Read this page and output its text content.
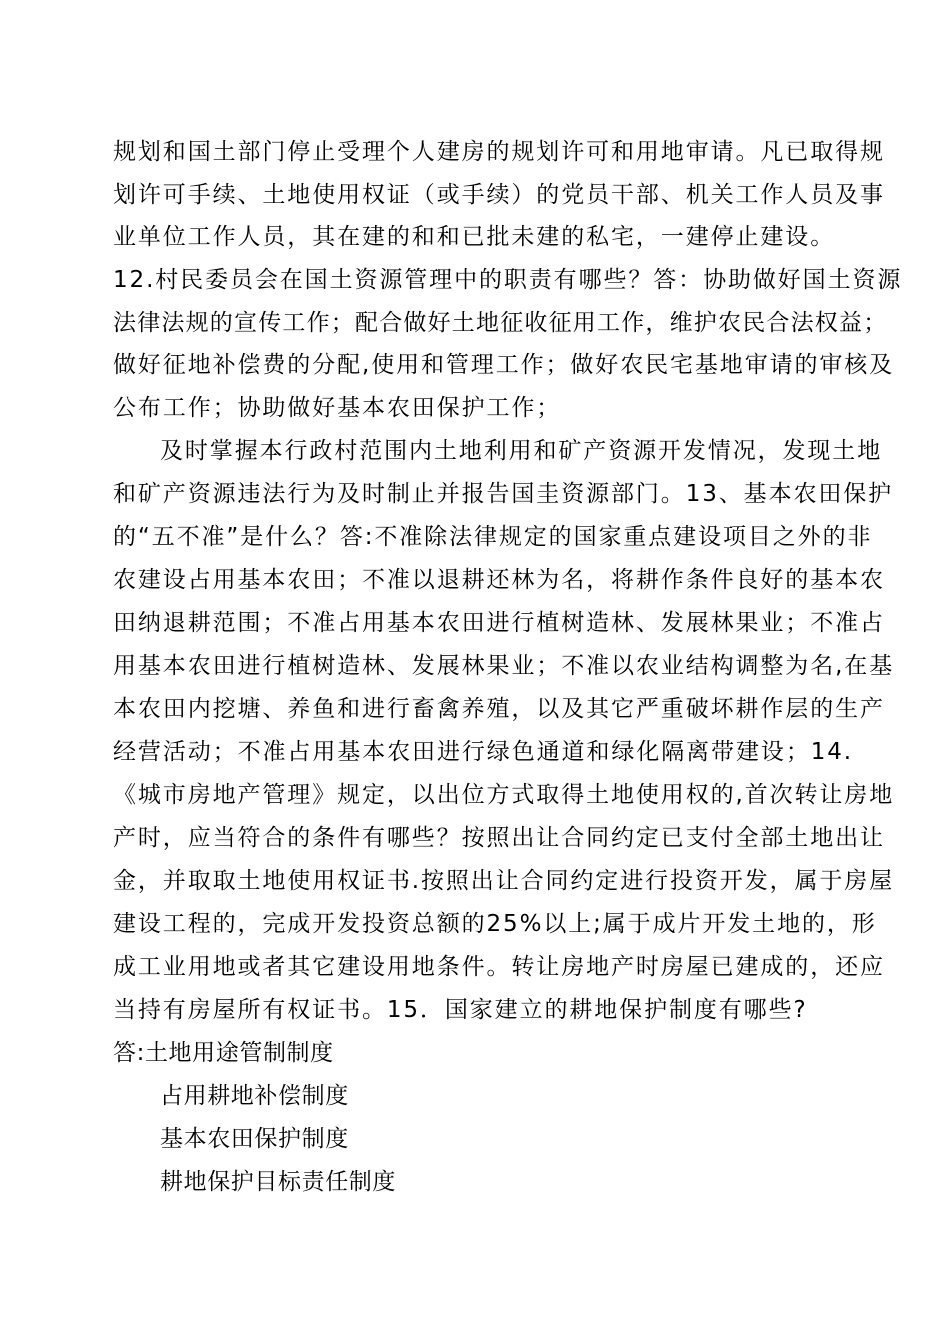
规划和国土部门停止受理个人建房的规划许可和用地审请。凡已取得规
划许可手续、土地使用权证（或手续）的党员干部、机关工作人员及事
业单位工作人员，其在建的和和已批未建的私宅，一建停止建设。
12.村民委员会在国土资源管理中的职责有哪些？答：协助做好国土资源
法律法规的宣传工作；配合做好土地征收征用工作，维护农民合法权益；
做好征地补偿费的分配,使用和管理工作；做好农民宅基地审请的审核及
公布工作；协助做好基本农田保护工作；
及时掌握本行政村范围内土地利用和矿产资源开发情况，发现土地
和矿产资源违法行为及时制止并报告国圭资源部门。13、基本农田保护
的“五不准”是什么？答:不准除法律规定的国家重点建设项目之外的非
农建设占用基本农田；不准以退耕还林为名，将耕作条件良好的基本农
田纳退耕范围；不准占用基本农田进行植树造林、发展林果业；不准占
用基本农田进行植树造林、发展林果业；不准以农业结构调整为名,在基
本农田内挖塘、养鱼和进行畜禽养殖，以及其它严重破坏耕作层的生产
经营活动；不准占用基本农田进行绿色通道和绿化隔离带建设；14.
《城市房地产管理》规定，以出位方式取得土地使用权的,首次转让房地
产时，应当符合的条件有哪些？按照出让合同约定已支付全部土地出让
金，并取取土地使用权证书.按照出让合同约定进行投资开发，属于房屋
建设工程的，完成开发投资总额的25%以上;属于成片开发土地的，形
成工业用地或者其它建设用地条件。转让房地产时房屋已建成的，还应
当持有房屋所有权证书。15．国家建立的耕地保护制度有哪些?
答:土地用途管制制度
占用耕地补偿制度
基本农田保护制度
耕地保护目标责任制度
